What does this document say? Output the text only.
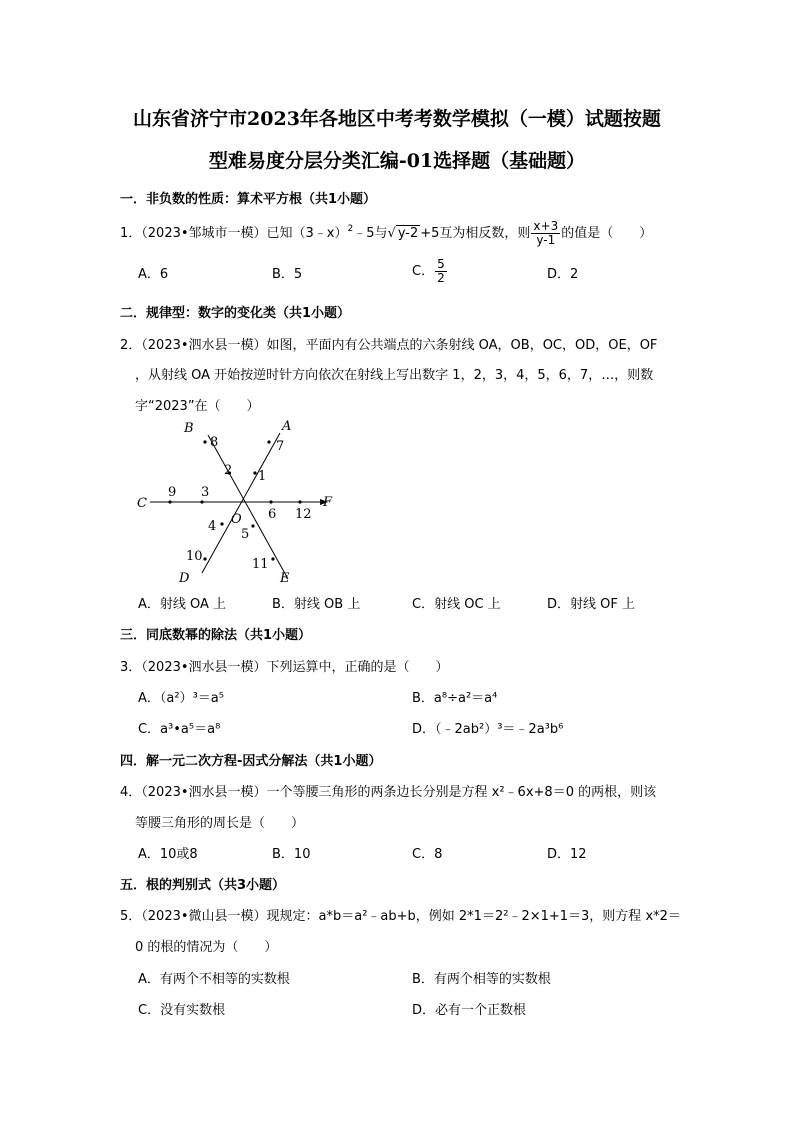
山东省济宁市2023年各地区中考考数学模拟（一模）试题按题
型难易度分层分类汇编-01选择题（基础题）
一．非负数的性质：算术平方根（共1小题）
1．（2023•邹城市一模）已知（3﹣x）$^2$﹣5与√ y-2 +5互为相反数，则 $\frac{x+3}{y-1}$ 的值是（　　）
A．6	B．5	C． $\frac{5}{2}$	D．2
二．规律型：数字的变化类（共1小题）
2．（2023•泗水县一模）如图，平面内有公共端点的六条射线 OA，OB，OC，OD，OE，OF
，从射线 OA 开始按逆时针方向依次在射线上写出数字 1，2，3，4，5，6，7，…，则数
字“2023”在（　　）
A
B
C
D	E
F
O
1
2
3
4
5
6
7
8
9
10
11
12
A．射线 OA 上	B．射线 OB 上	C．射线 OC 上	D．射线 OF 上
三．同底数幂的除法（共1小题）
3．（2023•泗水县一模）下列运算中，正确的是（　　）
A．（a²）³＝a⁵	B．a⁸÷a²＝a⁴
C．a³•a⁵＝a⁸	D．（﹣2ab²）³＝﹣2a³b⁶
四．解一元二次方程-因式分解法（共1小题）
4．（2023•泗水县一模）一个等腰三角形的两条边长分别是方程 x²﹣6x+8＝0 的两根，则该
等腰三角形的周长是（　　）
A．10或8	B．10	C．8	D．12
五．根的判别式（共3小题）
5．（2023•微山县一模）现规定：a*b＝a²﹣ab+b，例如 2*1＝2²﹣2×1+1＝3，则方程 x*2＝
0 的根的情况为（　　）
A．有两个不相等的实数根	B．有两个相等的实数根
C．没有实数根	D．必有一个正数根
